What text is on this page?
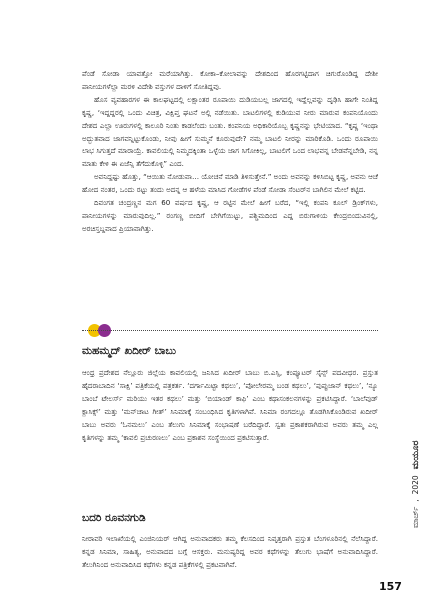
ಪೆಂಡೆ ಸೋಡಾ ಯಾವತ್ತೋ ಮರೆಯಾಗಿತ್ತು. ಕೋಕಾ–ಕೋಲಾವನ್ನು ದೇಶದಿಂದ ಹೊರಗಟ್ಟಿದಾಗ ಚಿಗುರೊಂಡಿದ್ದ ದೇಶೀ ಪಾನೀಯಗಳೆಲ್ಲಾ ಮರಳಿ ವಿದೇಶಿ ವಸ್ತುಗಳ ದಾಳಿಗೆ ಸೋತಿದ್ದವು.

ಹೊಸ ವ್ಯವಹಾರಗಳ ಈ ಕಾಲಘಟ್ಟದಲ್ಲಿ ಲಕ್ಷಾಂತರ ರೂಪಾಯಿ ದುಡಿಯಬಲ್ಲ ಜಾಗದಲ್ಲಿ ಇದ್ದೆಲ್ಲವನ್ನು ದೃಢಿಸಿ ಹಾಗೇ ನಿಂತಿದ್ದ ಕೃಷ್ಣ, ‘ಇದ್ದದ್ದರಲ್ಲಿ ಒಂದು ವಿಚಿತ್ರ, ವಿಕ್ಷಿಪ್ತ ಘಟನೆ ಅಲ್ಲಿ ನಡೆಯಿತು. ಬಾಟಲಿಗಳಲ್ಲಿ ಕುಡಿಯುವ ನೀರು ಮಾರುವ ಕಂಪನಿಯೊಂದು ದೇಶದ ಎಲ್ಲಾ ಊರುಗಳಲ್ಲಿ ಕಾಲೂರಿ ನಿಂತು ಕಾಡಲೆಂದು ಬಂತು. ಕಂಪನಿಯ ಅಧಿಕಾರಿಯೊಬ್ಬ ಕೃಷ್ಣನನ್ನು ಭೇಟಿಯಾದ. “ಕೃಷ್ಣ ‘ಇಂಥಾ ಅದ್ಭುತವಾದ ಜಾಗವನ್ನಿಟ್ಟುಕೊಂಡು, ನೀವು ಹೀಗೆ ಸುಮ್ಮನೆ ಕೂರುವುದೇ? ನಮ್ಮ ಬಾಟಲಿ ನೀರನ್ನು ಮಾರಿಕೊಡಿ. ಒಂದು ರೂಪಾಯಿ ಲಾಭ ಸಿಗುತ್ತದೆ ಮಾರಾಯ್ರೆ. ಕಾವಲಿಯಲ್ಲಿ ನಿಮ್ಮದಕ್ಕಿಂತಾ ಒಳ್ಳೆಯ ಜಾಗ ಸಿಗೋಕಿಲ್ಲ, ಬಾಟಲಿಗೆ ಒಂದ ಲಾಭವನ್ನ ಬೇಡವೆನ್ನಬೇಡಿ, ನನ್ನ ಮಾತು ಕೇಳಿ ಈ ಏಜೆನ್ಸಿ ತೆಗೆದುಕೊಳ್ಳಿ” ಎಂದ.

ಅವನಿದ್ದಷ್ಟು ಹೊತ್ತು, “ಆಯಿತು ನೋಡುವಾ… ಯೋಚನೆ ಮಾಡಿ ತಿಳಿಸುತ್ತೇನೆ.” ಅಂದು ಅವನನ್ನು ಕಳಿಸಿಬಿಟ್ಟ ಕೃಷ್ಣ, ಅವನು ಆಚೆ ಹೋದ ನಂತರ, ಒಂದು ರಟ್ಟು ತಂದು ಅದನ್ನ ಆ ಹಳೆಯ ಮಾಸಿದ ಗೋಡೆಗಳ ಪೆಂಡೆ ಸೋಡಾ ಸೆಂಟರ್‌ನ ಬಾಗಿಲಿನ ಮೇಲೆ ಕಟ್ಟಿದ.

ದಿವಂಗತ ಚಂದ್ರಣ್ಣನ ಮಗ 60 ವರ್ಷದ ಕೃಷ್ಣ, ಆ ರಟ್ಟಿನ ಮೇಲೆ ಹೀಗೆ ಬರೆದ, “ಇಲ್ಲಿ ಕಂಪನಿ ಕೂಲ್ ಡ್ರಿಂಕ್‌ಗಳು, ಪಾನೀಯಗಳನ್ನು ಮಾರುವುದಿಲ್ಲ.” ರಂಗಣ್ಣ ಬೀದಿಗೆ ಬೇಗಿಗೆಯಿಟ್ಟು, ಪಶ್ಚಿಮದಿಂದ ಎದ್ದ ಬಿರುಗಾಳಿಯ ಕೇಂದ್ರಬಿಂದುವಿನಲ್ಲಿ, ಅರಚಿಸ್ತಬ್ದವಾದ ಪ್ರಿಯಾವಾಗಿತ್ತು.

ಮಹಮ್ಮದ್ ಖದೀರ್ ಬಾಬು

ಆಂಧ್ರ ಪ್ರದೇಶದ ನೆಲ್ಲೂರು ಜಿಲ್ಲೆಯ ಕಾವಲಿಯಲ್ಲಿ ಜನಿಸಿದ ಖದೀರ್ ಬಾಬು ಬಿ.ಎಸ್ಸಿ, ಕಂಪ್ಯೂಟರ್ ಸೈನ್ಸ್ ಪದವೀಧರ. ಪ್ರಸ್ತುತ ಹೈದರಾಬಾದಿನ ‘ಸಾಕ್ಷಿ’ ಪತ್ರಿಕೆಯಲ್ಲಿ ಪತ್ರಕರ್ತ. ‘ದರ್ಗಾಮಿಟ್ಟಾ ಕಥಲು’, ‘ಪೋಲೇರಮ್ಮ ಬಂಡ ಕಥಲು’, ‘ಪುಪ್ಪುಜಾನ್ ಕಥಲು’, ‘ನ್ಯೂ ಬಾಂಬೆ ಟೇಲರ್ಸ್ ಮರಿಯು ಇತರ ಕಥಲು’ ಮತ್ತು ‘ಬಿಯಾಂಡ್ ಕಾಫಿ’ ಎಂಬ ಕಥಾಸಂಕಲನಗಳನ್ನು ಪ್ರಕಟಿಸಿದ್ದಾರೆ. ‘ಬಾಲೆವುಡ್ ಕ್ಲಾಸಿಕ್ಸ್’ ಮತ್ತು ‘ಮನ್‌ಚಾಟ ಗೀತ್’ ಸಿನಿಮಾಕ್ಕೆ ಸಂಬಂಧಿಸಿದ ಕೃತಿಗಳಾಗಿವೆ. ಸಿನಿಮಾ ರಂಗದಲ್ಲೂ ತೊಡಗಿಸಿಕೊಂಡಿರುವ ಖದೀರ್ ಬಾಬು ಅವರು ‘ಓನಮಲು’ ಎಂಬ ತೆಲುಗು ಸಿನಿಮಾಕ್ಕೆ ಸಂಭಾಷಣೆ ಬರೆದಿದ್ದಾರೆ. ಸ್ವತಃ ಪ್ರಕಾಶಕರಾಗಿರುವ ಅವರು ತಮ್ಮ ಎಲ್ಲ ಕೃತಿಗಳನ್ನು ತಮ್ಮ ‘ಕಾವಲಿ ಪ್ರಚುರಣಲು’ ಎಂಬ ಪ್ರಕಾಶನ ಸಂಸ್ಥೆಯಿಂದ ಪ್ರಕಟಿಸುತ್ತಾರೆ.

ಬದರಿ ರೂವನಗುಡಿ

ನೀರಾವರಿ ಇಲಾಖೆಯಲ್ಲಿ ಎಂಜಿನಿಯರ್ ಆಗಿದ್ದ ಅನುವಾದಕರು ತಮ್ಮ ಕೆಲಸದಿಂದ ನಿವೃತ್ತರಾಗಿ ಪ್ರಸ್ತುತ ಬೆಂಗಳೂರಿನಲ್ಲಿ ನೆಲೆಸಿದ್ದಾರೆ. ಕನ್ನಡ ಸಿನಿಮಾ, ಸಾಹಿತ್ಯ, ಅನುವಾದದ ಬಗ್ಗೆ ಆಸಕ್ತರು. ಮನುಷ್ಯರಿದ್ದ ಅವರ ಕಥೆಗಳನ್ನು ತೆಲುಗು ಭಾಷೆಗೆ ಅನುವಾದಿಸಿದ್ದಾರೆ. ತೆಲುಗಿನಿಂದ ಅನುವಾದಿಸಿದ ಕಥೆಗಳು ಕನ್ನಡ ಪತ್ರಿಕೆಗಳಲ್ಲಿ ಪ್ರಕಟವಾಗಿವೆ.

ಮಾರ್ಚ್,2020ಮಯೂರ
157
